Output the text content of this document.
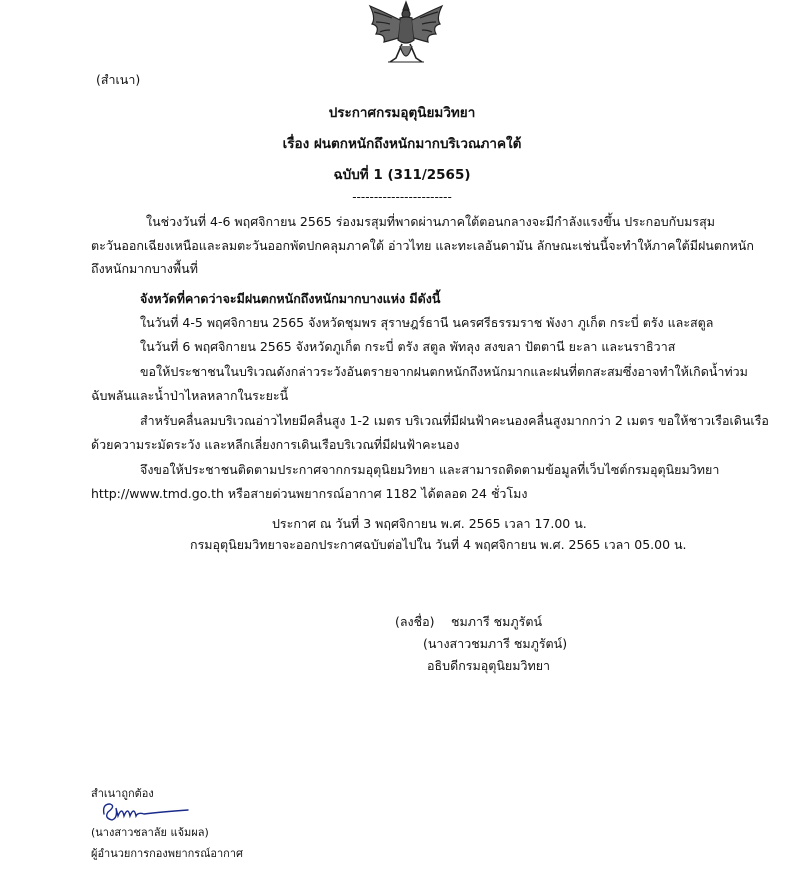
(สำเนา)
ประกาศกรมอุตุนิยมวิทยา
เรื่อง ฝนตกหนักถึงหนักมากบริเวณภาคใต้
ฉบับที่ 1 (311/2565)
-----------------------
ในช่วงวันที่ 4-6 พฤศจิกายน 2565 ร่องมรสุมที่พาดผ่านภาคใต้ตอนกลางจะมีกำลังแรงขึ้น ประกอบกับมรสุม
ตะวันออกเฉียงเหนือและลมตะวันออกพัดปกคลุมภาคใต้ อ่าวไทย และทะเลอันดามัน ลักษณะเช่นนี้จะทำให้ภาคใต้มีฝนตกหนัก
ถึงหนักมากบางพื้นที่
จังหวัดที่คาดว่าจะมีฝนตกหนักถึงหนักมากบางแห่ง มีดังนี้
ในวันที่ 4-5 พฤศจิกายน 2565 จังหวัดชุมพร สุราษฎร์ธานี นครศรีธรรมราช พังงา ภูเก็ต กระบี่ ตรัง และสตูล
ในวันที่ 6 พฤศจิกายน 2565 จังหวัดภูเก็ต กระบี่ ตรัง สตูล พัทลุง สงขลา ปัตตานี ยะลา และนราธิวาส
ขอให้ประชาชนในบริเวณดังกล่าวระวังอันตรายจากฝนตกหนักถึงหนักมากและฝนที่ตกสะสมซึ่งอาจทำให้เกิดน้ำท่วม
ฉับพลันและน้ำป่าไหลหลากในระยะนี้
สำหรับคลื่นลมบริเวณอ่าวไทยมีคลื่นสูง 1-2 เมตร บริเวณที่มีฝนฟ้าคะนองคลื่นสูงมากกว่า 2 เมตร ขอให้ชาวเรือเดินเรือ
ด้วยความระมัดระวัง และหลีกเลี่ยงการเดินเรือบริเวณที่มีฝนฟ้าคะนอง
จึงขอให้ประชาชนติดตามประกาศจากกรมอุตุนิยมวิทยา และสามารถติดตามข้อมูลที่เว็บไซต์กรมอุตุนิยมวิทยา
http://www.tmd.go.th หรือสายด่วนพยากรณ์อากาศ 1182 ได้ตลอด 24 ชั่วโมง
ประกาศ ณ วันที่ 3 พฤศจิกายน พ.ศ. 2565 เวลา 17.00 น.
กรมอุตุนิยมวิทยาจะออกประกาศฉบับต่อไปใน วันที่ 4 พฤศจิกายน พ.ศ. 2565 เวลา 05.00 น.
(ลงชื่อ) ชมภารี ชมภูรัตน์
(นางสาวชมภารี ชมภูรัตน์)
อธิบดีกรมอุตุนิยมวิทยา
สำเนาถูกต้อง
(นางสาวชลาลัย แจ้มผล)
ผู้อำนวยการกองพยากรณ์อากาศ
